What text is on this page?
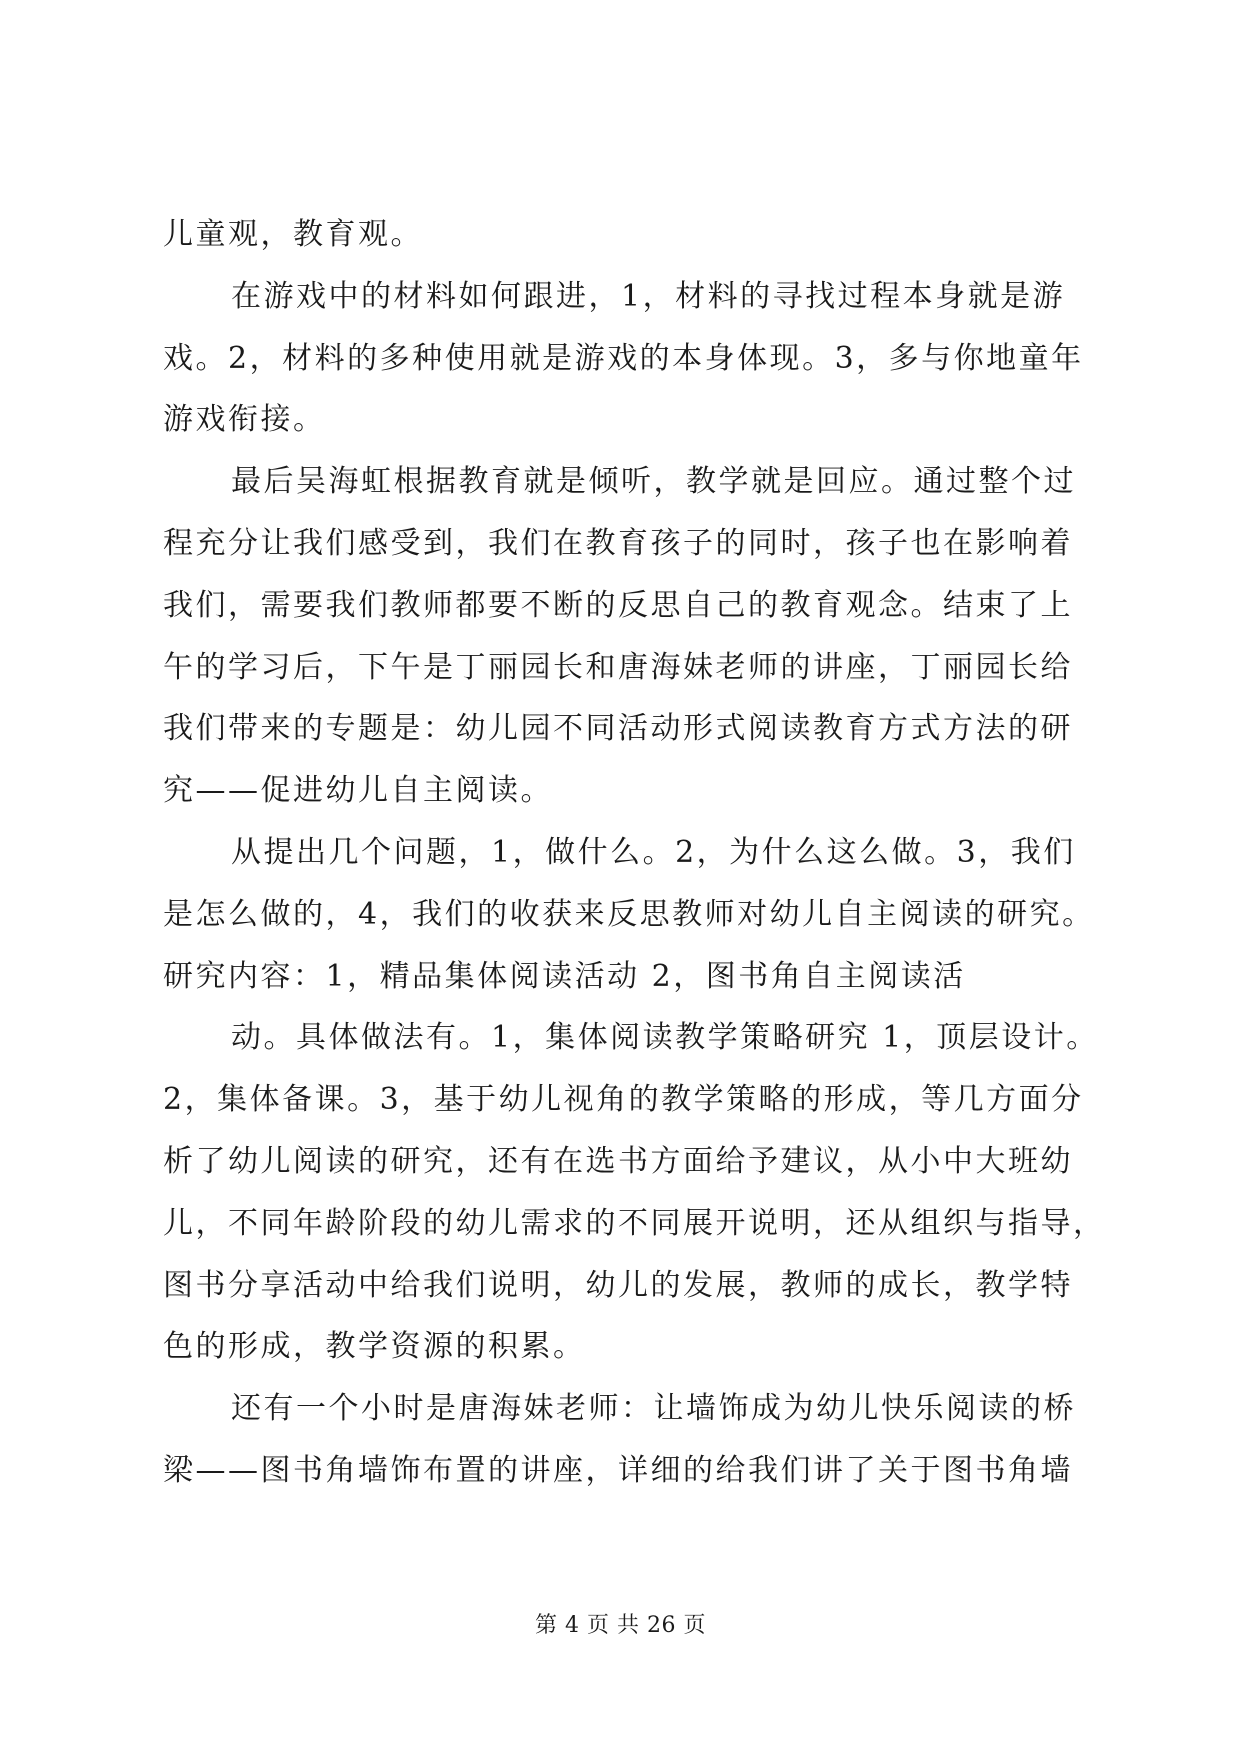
儿童观，教育观。
在游戏中的材料如何跟进，1，材料的寻找过程本身就是游
戏。2，材料的多种使用就是游戏的本身体现。3，多与你地童年
游戏衔接。
最后吴海虹根据教育就是倾听，教学就是回应。通过整个过
程充分让我们感受到，我们在教育孩子的同时，孩子也在影响着
我们，需要我们教师都要不断的反思自己的教育观念。结束了上
午的学习后，下午是丁丽园长和唐海妹老师的讲座，丁丽园长给
我们带来的专题是：幼儿园不同活动形式阅读教育方式方法的研
究——促进幼儿自主阅读。
从提出几个问题，1，做什么。2，为什么这么做。3，我们
是怎么做的，4，我们的收获来反思教师对幼儿自主阅读的研究。
研究内容：1，精品集体阅读活动 2，图书角自主阅读活
动。具体做法有。1，集体阅读教学策略研究 1，顶层设计。
2，集体备课。3，基于幼儿视角的教学策略的形成，等几方面分
析了幼儿阅读的研究，还有在选书方面给予建议，从小中大班幼
儿，不同年龄阶段的幼儿需求的不同展开说明，还从组织与指导，
图书分享活动中给我们说明，幼儿的发展，教师的成长，教学特
色的形成，教学资源的积累。
还有一个小时是唐海妹老师：让墙饰成为幼儿快乐阅读的桥
梁——图书角墙饰布置的讲座，详细的给我们讲了关于图书角墙
第 4 页 共 26 页
